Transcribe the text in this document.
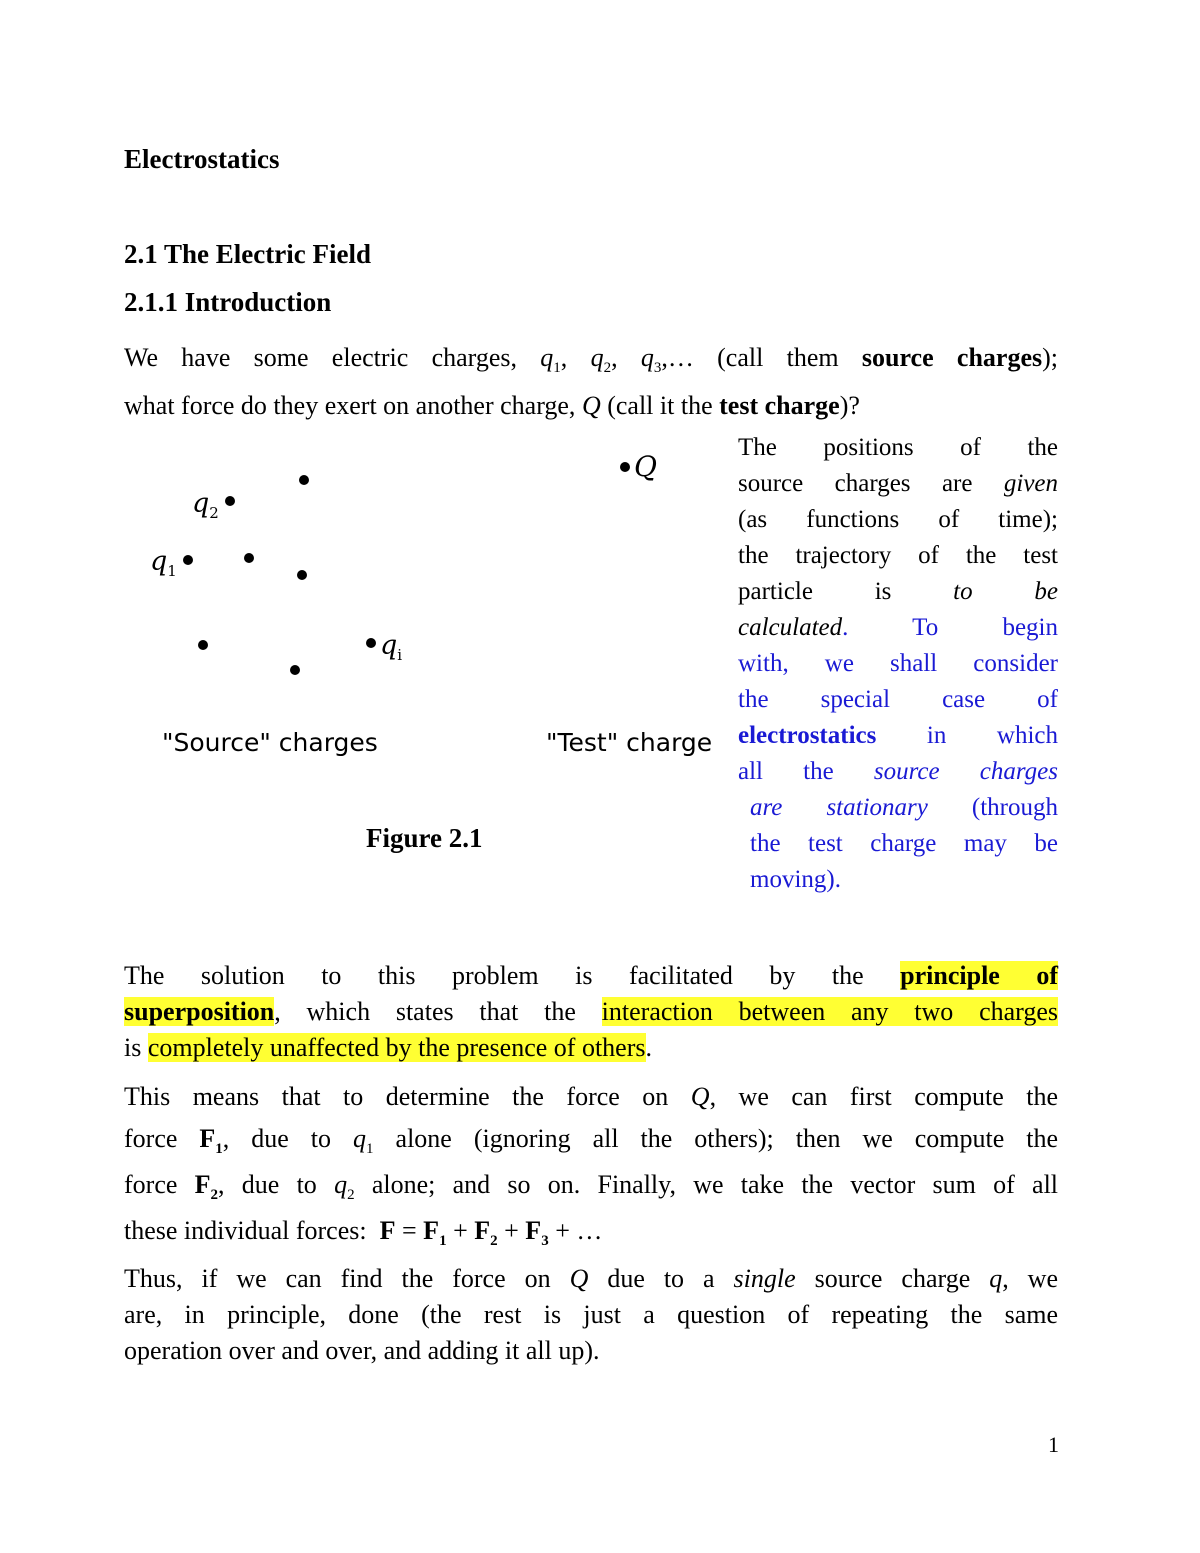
Electrostatics
2.1 The Electric Field
2.1.1 Introduction
We have some electric charges, $q_1$, $q_2$, $q_3,\dots$ (call them source charges);
what force do they exert on another charge, Q (call it the test charge)?
$q_2$
$q_1$
$q_i$
Q
"Source" charges	"Test" charge
Figure 2.1
The positions of the
source charges are given
(as functions of time);
the trajectory of the test
particle is to be
calculated. To begin
with, we shall consider
the special case of
electrostatics in which
all the source charges
are stationary (through
the test charge may be
moving).
The solution to this problem is facilitated by the principle of
superposition, which states that the interaction between any two charges
is completely unaffected by the presence of others.
This means that to determine the force on Q, we can first compute the
force $F_1$, due to $q_1$ alone (ignoring all the others); then we compute the
force $F_2$, due to $q_2$ alone; and so on. Finally, we take the vector sum of all
these individual forces: $F = F_1 + F_2 + F_3$ + …
Thus, if we can find the force on Q due to a single source charge q, we
are, in principle, done (the rest is just a question of repeating the same
operation over and over, and adding it all up).
1
